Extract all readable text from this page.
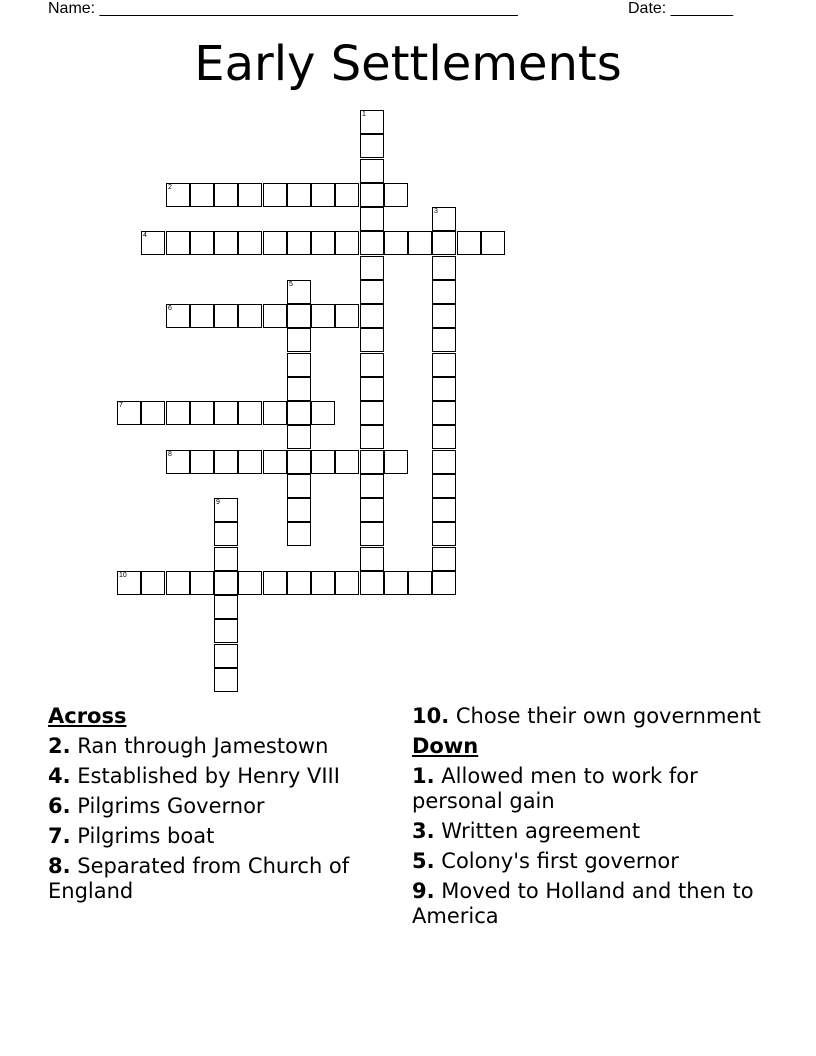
Name: _______________________________________________	Date: _______
Early Settlements
1
2
3
4
5
6
7
8
9
10
Across
2. Ran through Jamestown
4. Established by Henry VIII
6. Pilgrims Governor
7. Pilgrims boat
8. Separated from Church of England
10. Chose their own government
Down
1. Allowed men to work for personal gain
3. Written agreement
5. Colony's first governor
9. Moved to Holland and then to America
